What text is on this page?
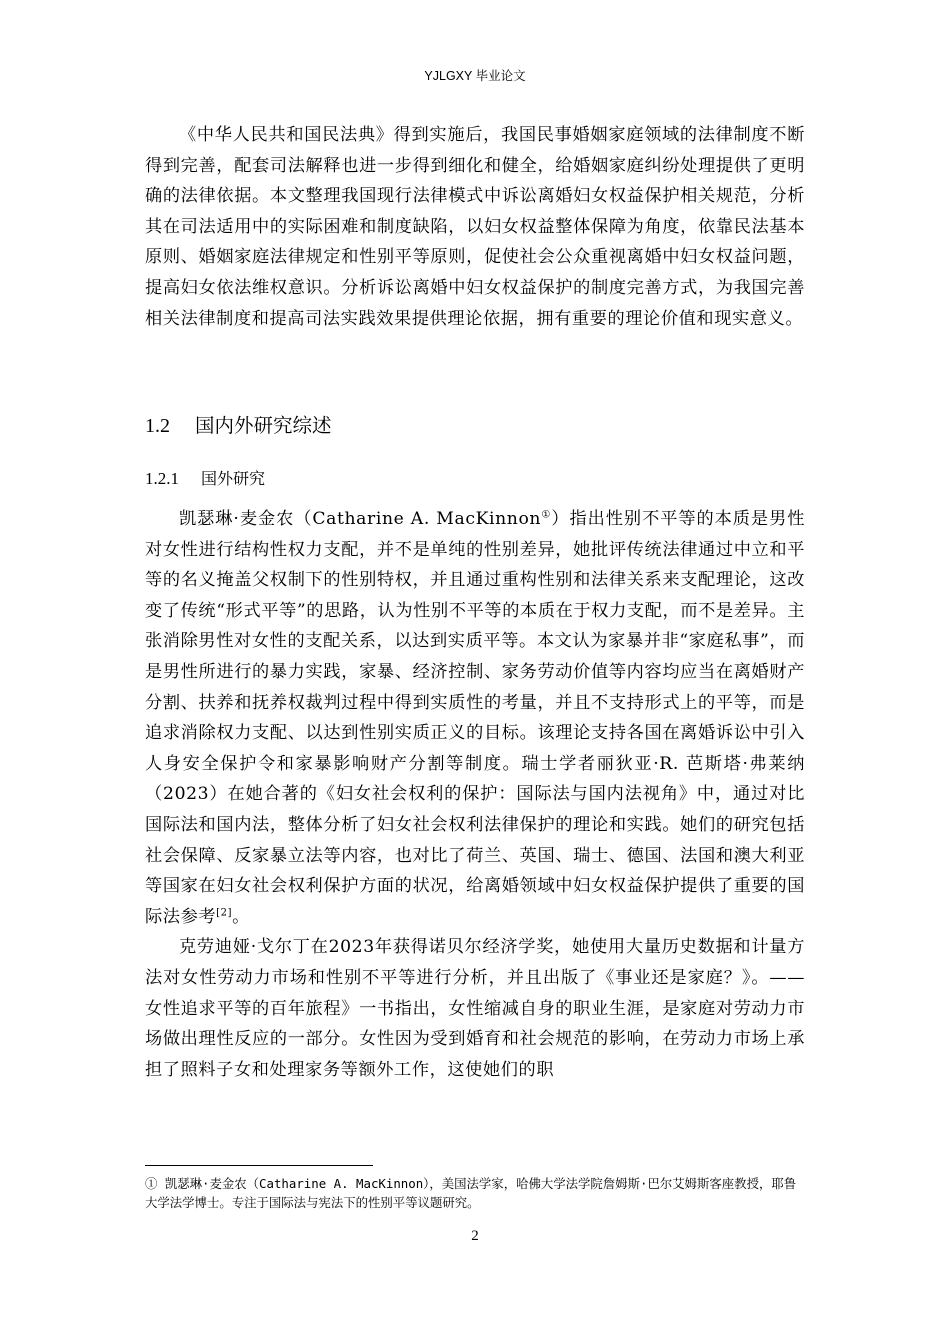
YJLGXY 毕业论文

《中华人民共和国民法典》得到实施后，我国民事婚姻家庭领域的法律制度不断得到完善，配套司法解释也进一步得到细化和健全，给婚姻家庭纠纷处理提供了更明确的法律依据。本文整理我国现行法律模式中诉讼离婚妇女权益保护相关规范，分析其在司法适用中的实际困难和制度缺陷，以妇女权益整体保障为角度，依靠民法基本原则、婚姻家庭法律规定和性别平等原则，促使社会公众重视离婚中妇女权益问题，提高妇女依法维权意识。分析诉讼离婚中妇女权益保护的制度完善方式，为我国完善相关法律制度和提高司法实践效果提供理论依据，拥有重要的理论价值和现实意义。

1.2 国内外研究综述
1.2.1 国外研究

凯瑟琳·麦金农（Catharine A. MacKinnon①）指出性别不平等的本质是男性对女性进行结构性权力支配，并不是单纯的性别差异，她批评传统法律通过中立和平等的名义掩盖父权制下的性别特权，并且通过重构性别和法律关系来支配理论，这改变了传统“形式平等”的思路，认为性别不平等的本质在于权力支配，而不是差异。主张消除男性对女性的支配关系，以达到实质平等。本文认为家暴并非“家庭私事”，而是男性所进行的暴力实践，家暴、经济控制、家务劳动价值等内容均应当在离婚财产分割、扶养和抚养权裁判过程中得到实质性的考量，并且不支持形式上的平等，而是追求消除权力支配、以达到性别实质正义的目标。该理论支持各国在离婚诉讼中引入人身安全保护令和家暴影响财产分割等制度。瑞士学者丽狄亚·R. 芭斯塔·弗莱纳（2023）在她合著的《妇女社会权利的保护：国际法与国内法视角》中，通过对比国际法和国内法，整体分析了妇女社会权利法律保护的理论和实践。她们的研究包括社会保障、反家暴立法等内容，也对比了荷兰、英国、瑞士、德国、法国和澳大利亚等国家在妇女社会权利保护方面的状况，给离婚领域中妇女权益保护提供了重要的国际法参考[2]。

克劳迪娅·戈尔丁在2023年获得诺贝尔经济学奖，她使用大量历史数据和计量方法对女性劳动力市场和性别不平等进行分析，并且出版了《事业还是家庭？》。——女性追求平等的百年旅程》一书指出，女性缩减自身的职业生涯，是家庭对劳动力市场做出理性反应的一部分。女性因为受到婚育和社会规范的影响，在劳动力市场上承担了照料子女和处理家务等额外工作，这使她们的职

① 凯瑟琳·麦金农（Catharine A. MacKinnon），美国法学家，哈佛大学法学院詹姆斯·巴尔艾姆斯客座教授，耶鲁大学法学博士。专注于国际法与宪法下的性别平等议题研究。
2
